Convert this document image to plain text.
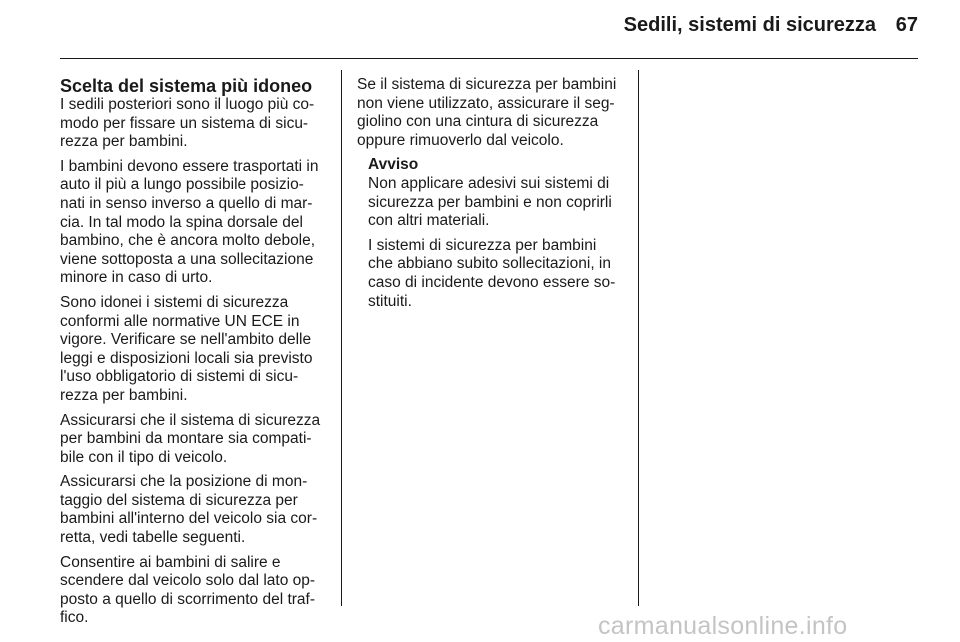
Sedili, sistemi di sicurezza 67
Scelta del sistema più idoneo

I sedili posteriori sono il luogo più co-
modo per fissare un sistema di sicu-
rezza per bambini.

I bambini devono essere trasportati in
auto il più a lungo possibile posizio-
nati in senso inverso a quello di mar-
cia. In tal modo la spina dorsale del
bambino, che è ancora molto debole,
viene sottoposta a una sollecitazione
minore in caso di urto.

Sono idonei i sistemi di sicurezza
conformi alle normative UN ECE in
vigore. Verificare se nell'ambito delle
leggi e disposizioni locali sia previsto
l'uso obbligatorio di sistemi di sicu-
rezza per bambini.

Assicurarsi che il sistema di sicurezza
per bambini da montare sia compati-
bile con il tipo di veicolo.

Assicurarsi che la posizione di mon-
taggio del sistema di sicurezza per
bambini all'interno del veicolo sia cor-
retta, vedi tabelle seguenti.

Consentire ai bambini di salire e
scendere dal veicolo solo dal lato op-
posto a quello di scorrimento del traf-
fico.

Se il sistema di sicurezza per bambini
non viene utilizzato, assicurare il seg-
giolino con una cintura di sicurezza
oppure rimuoverlo dal veicolo.

Avviso

Non applicare adesivi sui sistemi di
sicurezza per bambini e non coprirli
con altri materiali.

I sistemi di sicurezza per bambini
che abbiano subito sollecitazioni, in
caso di incidente devono essere so-
stituiti.

carmanualsonline.info
